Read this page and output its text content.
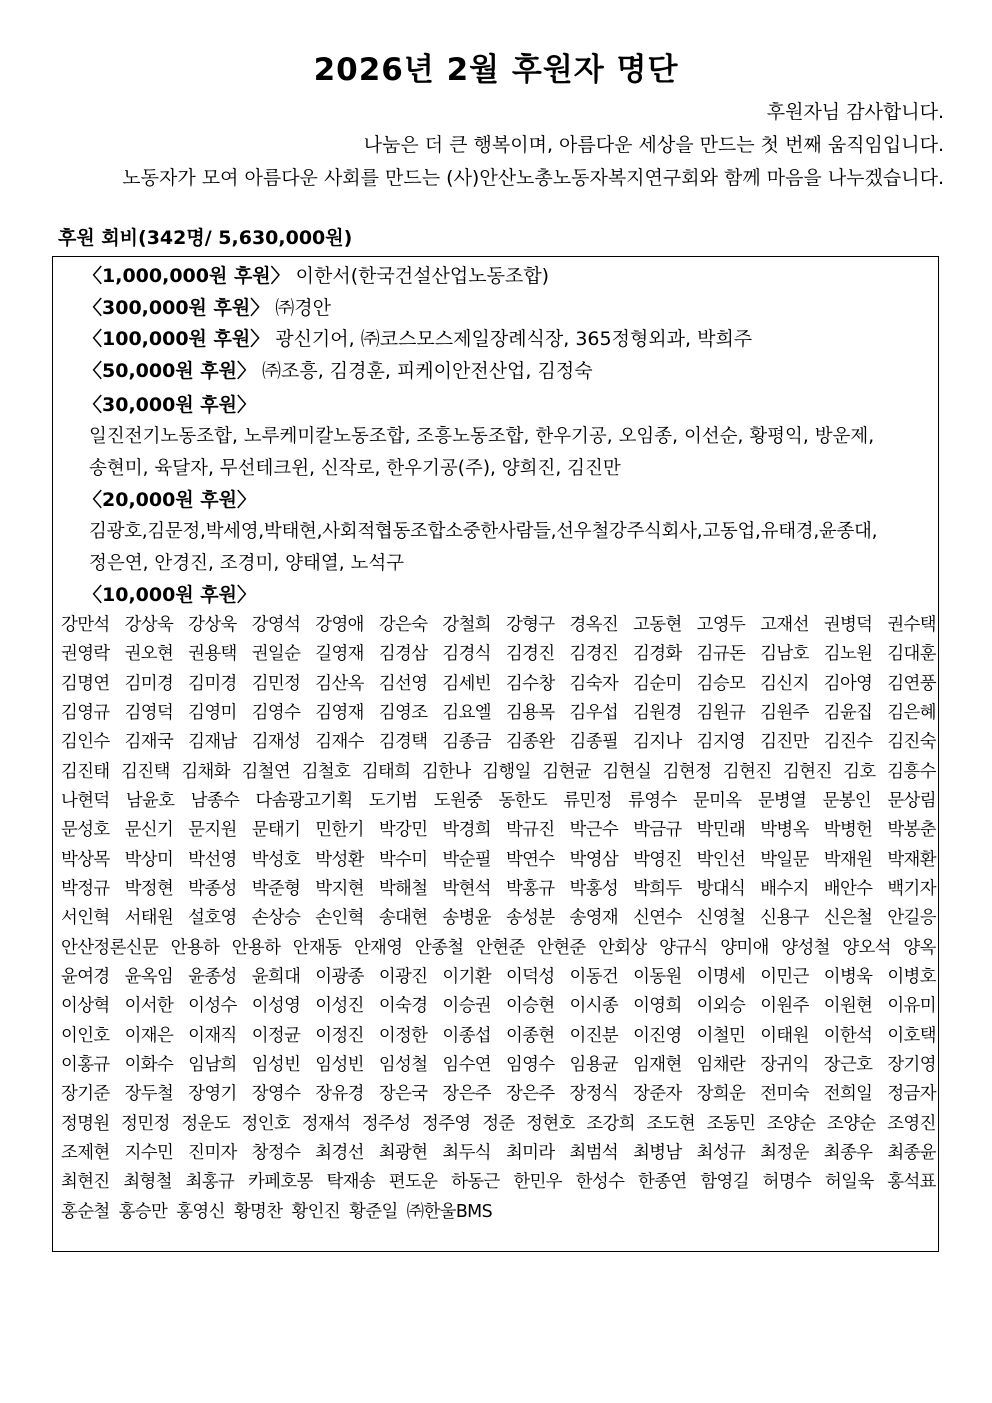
2026년 2월 후원자 명단
후원자님 감사합니다.
나눔은 더 큰 행복이며, 아름다운 세상을 만드는 첫 번째 움직임입니다.
노동자가 모여 아름다운 사회를 만드는 (사)안산노총노동자복지연구회와 함께 마음을 나누겠습니다.
후원 회비(342명/ 5,630,000원)
〈1,000,000원 후원〉 이한서(한국건설산업노동조합)
〈300,000원 후원〉 ㈜경안
〈100,000원 후원〉 광신기어, ㈜코스모스제일장례식장, 365정형외과, 박희주
〈50,000원 후원〉 ㈜조흥, 김경훈, 피케이안전산업, 김정숙
〈30,000원 후원〉
일진전기노동조합, 노루케미칼노동조합, 조흥노동조합, 한우기공, 오임종, 이선순, 황평익, 방운제,
송현미, 육달자, 무선테크윈, 신작로, 한우기공(주), 양희진, 김진만
〈20,000원 후원〉
김광호,김문정,박세영,박태현,사회적협동조합소중한사람들,선우철강주식회사,고동업,유태경,윤종대,
정은연, 안경진, 조경미, 양태열, 노석구
〈10,000원 후원〉
강만석 강상욱 강상욱 강영석 강영애 강은숙 강철희 강형구 경옥진 고동현 고영두 고재선 권병덕 권수택
권영락 권오현 권용택 권일순 길영재 김경삼 김경식 김경진 김경진 김경화 김규돈 김남호 김노원 김대훈
김명연 김미경 김미경 김민정 김산옥 김선영 김세빈 김수창 김숙자 김순미 김승모 김신지 김아영 김연풍
김영규 김영덕 김영미 김영수 김영재 김영조 김요엘 김용목 김우섭 김원경 김원규 김원주 김윤집 김은혜
김인수 김재국 김재남 김재성 김재수 김경택 김종금 김종완 김종필 김지나 김지영 김진만 김진수 김진숙
김진태 김진택 김채화 김철연 김철호 김태희 김한나 김행일 김현균 김현실 김현정 김현진 김현진 김호 김흥수
나현덕 남윤호 남종수 다솜광고기획 도기범 도원중 동한도 류민정 류영수 문미옥 문병열 문봉인 문상림
문성호 문신기 문지원 문태기 민한기 박강민 박경희 박규진 박근수 박금규 박민래 박병옥 박병헌 박봉춘
박상목 박상미 박선영 박성호 박성환 박수미 박순필 박연수 박영삼 박영진 박인선 박일문 박재원 박재환
박정규 박정현 박종성 박준형 박지현 박해철 박현석 박홍규 박홍성 박희두 방대식 배수지 배안수 백기자
서인혁 서태원 설호영 손상승 손인혁 송대현 송병윤 송성분 송영재 신연수 신영철 신용구 신은철 안길응
안산정론신문 안용하 안용하 안재동 안재영 안종철 안현준 안현준 안회상 양규식 양미애 양성철 양오석 양옥
윤여경 윤옥임 윤종성 윤희대 이광종 이광진 이기환 이덕성 이동건 이동원 이명세 이민근 이병욱 이병호
이상혁 이서한 이성수 이성영 이성진 이숙경 이승권 이승현 이시종 이영희 이외승 이원주 이원현 이유미
이인호 이재은 이재직 이정균 이정진 이정한 이종섭 이종현 이진분 이진영 이철민 이태원 이한석 이호택
이홍규 이화수 임남희 임성빈 임성빈 임성철 임수연 임영수 임용균 임재현 임채란 장귀익 장근호 장기영
장기준 장두철 장영기 장영수 장유경 장은국 장은주 장은주 장정식 장준자 장희운 전미숙 전희일 정금자
정명원 정민정 정운도 정인호 정재석 정주성 정주영 정준 정현호 조강희 조도현 조동민 조양순 조양순 조영진
조제현 지수민 진미자 창정수 최경선 최광현 최두식 최미라 최범석 최병남 최성규 최정운 최종우 최종윤
최현진 최형철 최홍규 카페호몽 탁재송 편도운 하동근 한민우 한성수 한종연 함영길 허명수 허일욱 홍석표
홍순철 홍승만 홍영신 황명찬 황인진 황준일 ㈜한울BMS
